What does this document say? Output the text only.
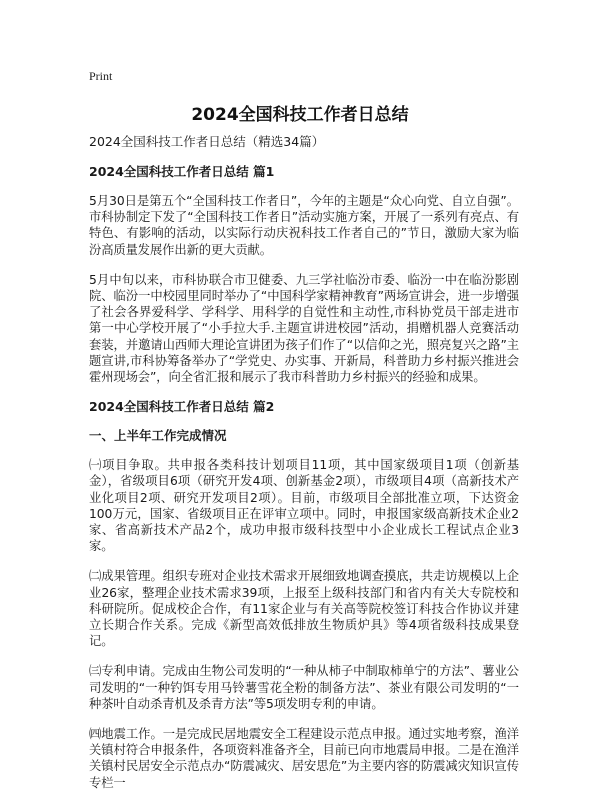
Print
2024全国科技工作者日总结
2024全国科技工作者日总结（精选34篇）
2024全国科技工作者日总结 篇1
5月30日是第五个“全国科技工作者日”，今年的主题是“众心向党、自立自强”。市科协制定下发了“全国科技工作者日”活动实施方案，开展了一系列有亮点、有特色、有影响的活动，以实际行动庆祝科技工作者自己的”节日，激励大家为临汾高质量发展作出新的更大贡献。
5月中旬以来，市科协联合市卫健委、九三学社临汾市委、临汾一中在临汾影剧院、临汾一中校园里同时举办了“中国科学家精神教育”两场宣讲会，进一步增强了社会各界爱科学、学科学、用科学的自觉性和主动性,市科协党员干部走进市第一中心学校开展了“小手拉大手.主题宣讲进校园”活动，捐赠机器人竞赛活动套装，并邀请山西师大理论宣讲团为孩子们作了“以信仰之光，照亮复兴之路”主题宣讲,市科协筹备举办了“学党史、办实事、开新局，科普助力乡村振兴推进会霍州现场会”，向全省汇报和展示了我市科普助力乡村振兴的经验和成果。
2024全国科技工作者日总结 篇2
一、上半年工作完成情况
㈠项目争取。共申报各类科技计划项目11项，其中国家级项目1项（创新基金），省级项目6项（研究开发4项、创新基金2项），市级项目4项（高新技术产业化项目2项、研究开发项目2项）。目前，市级项目全部批准立项，下达资金100万元，国家、省级项目正在评审立项中。同时，申报国家级高新技术企业2家、省高新技术产品2个，成功申报市级科技型中小企业成长工程试点企业3家。
㈡成果管理。组织专班对企业技术需求开展细致地调查摸底，共走访规模以上企业26家，整理企业技术需求39项，上报至上级科技部门和省内有关大专院校和科研院所。促成校企合作，有11家企业与有关高等院校签订科技合作协议并建立长期合作关系。完成《新型高效低排放生物质炉具》等4项省级科技成果登记。
㈢专利申请。完成由生物公司发明的“一种从柿子中制取柿单宁的方法”、薯业公司发明的“一种钓饵专用马铃薯雪花全粉的制备方法”、茶业有限公司发明的“一种茶叶自动杀青机及杀青方法”等5项发明专利的申请。
㈣地震工作。一是完成民居地震安全工程建设示范点申报。通过实地考察，渔洋关镇村符合申报条件，各项资料准备齐全，目前已向市地震局申报。二是在渔洋关镇村民居安全示范点办“防震减灾、居安思危”为主要内容的防震减灾知识宣传专栏一
